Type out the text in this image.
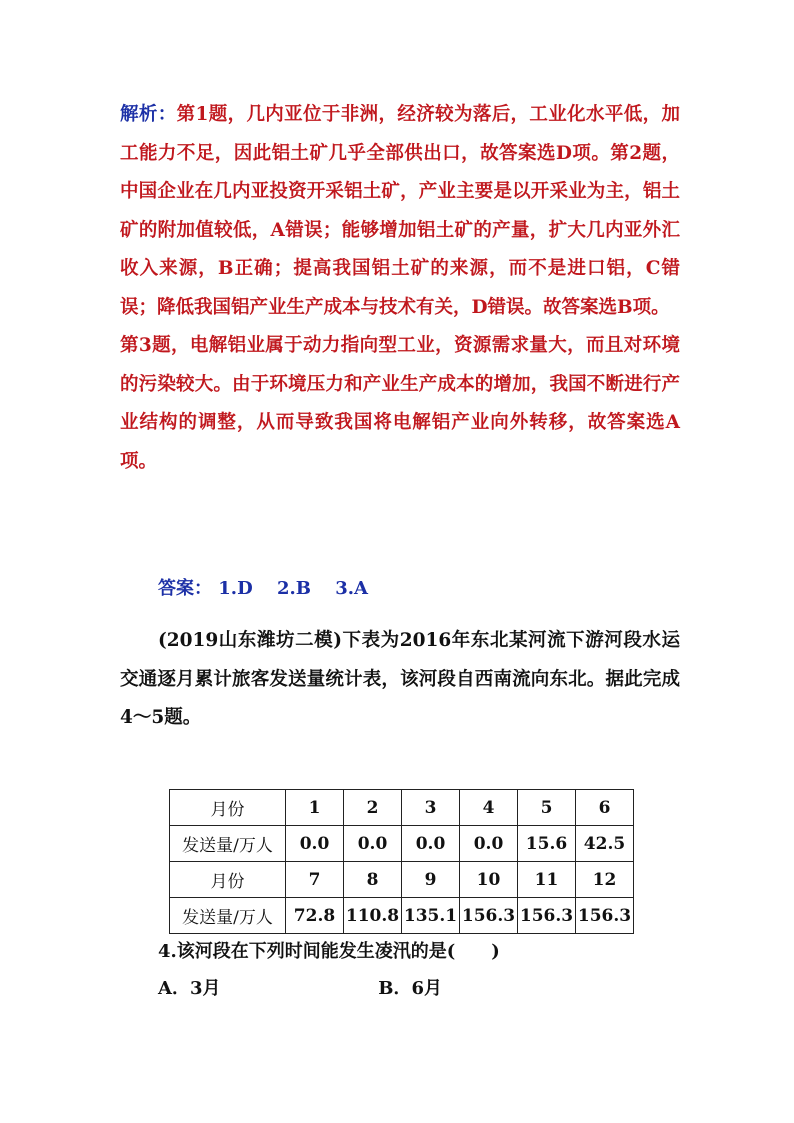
解析：第1题，几内亚位于非洲，经济较为落后，工业化水平低，加工能力不足，因此铝土矿几乎全部供出口，故答案选D项。第2题，中国企业在几内亚投资开采铝土矿，产业主要是以开采业为主，铝土矿的附加值较低，A错误；能够增加铝土矿的产量，扩大几内亚外汇收入来源，B正确；提高我国铝土矿的来源，而不是进口铝，C错误；降低我国铝产业生产成本与技术有关，D错误。故答案选B项。

第3题，电解铝业属于动力指向型工业，资源需求量大，而且对环境的污染较大。由于环境压力和产业生产成本的增加，我国不断进行产业结构的调整，从而导致我国将电解铝产业向外转移，故答案选A项。

答案： 1.D 2.B 3.A

(2019山东潍坊二模)下表为2016年东北某河流下游河段水运交通逐月累计旅客发送量统计表，该河段自西南流向东北。据此完成4～5题。

月份	1	2	3	4	5	6
发送量/万人	0.0	0.0	0.0	0.0	15.6	42.5
月份	7	8	9	10	11	12
发送量/万人	72.8	110.8	135.1	156.3	156.3	156.3
4.该河段在下列时间能发生凌汛的是(　　)
A．3月	B．6月
